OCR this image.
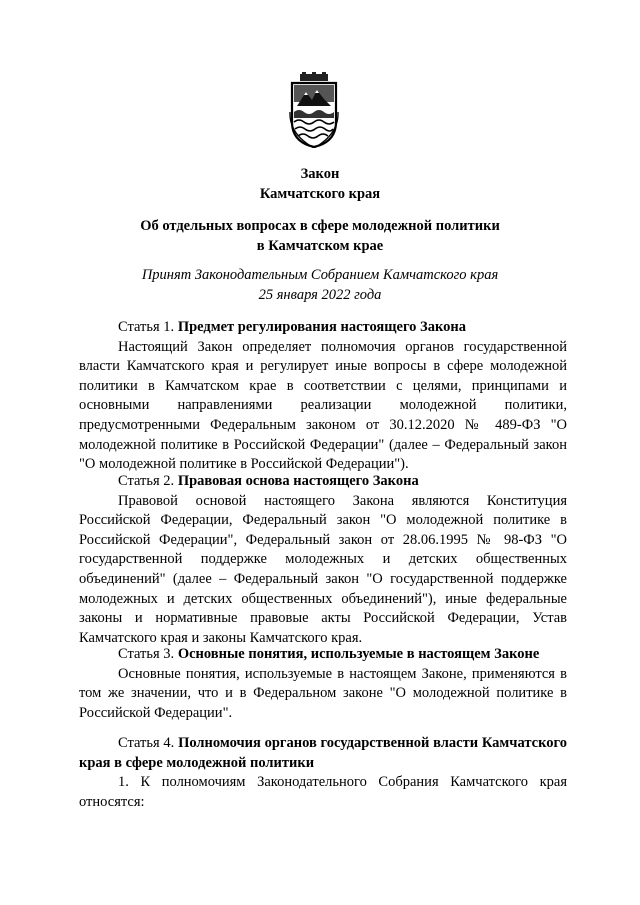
Закон
Камчатского края
Об отдельных вопросах в сфере молодежной политики
в Камчатском крае
Принят Законодательным Собранием Камчатского края
25 января 2022 года

Статья 1. Предмет регулирования настоящего Закона

Настоящий Закон определяет полномочия органов государственной власти Камчатского края и регулирует иные вопросы в сфере молодежной политики в Камчатском крае в соответствии с целями, принципами и основными направлениями реализации молодежной политики, предусмотренными Федеральным законом от 30.12.2020 № 489-ФЗ "О молодежной политике в Российской Федерации" (далее – Федеральный закон "О молодежной политике в Российской Федерации").

Статья 2. Правовая основа настоящего Закона

Правовой основой настоящего Закона являются Конституция Российской Федерации, Федеральный закон "О молодежной политике в Российской Федерации", Федеральный закон от 28.06.1995 № 98-ФЗ "О государственной поддержке молодежных и детских общественных объединений" (далее – Федеральный закон "О государственной поддержке молодежных и детских общественных объединений"), иные федеральные законы и нормативные правовые акты Российской Федерации, Устав Камчатского края и законы Камчатского края.

Статья 3. Основные понятия, используемые в настоящем Законе

Основные понятия, используемые в настоящем Законе, применяются в том же значении, что и в Федеральном законе "О молодежной политике в Российской Федерации".

Статья 4. Полномочия органов государственной власти Камчатского края в сфере молодежной политики

1. К полномочиям Законодательного Собрания Камчатского края относятся:
